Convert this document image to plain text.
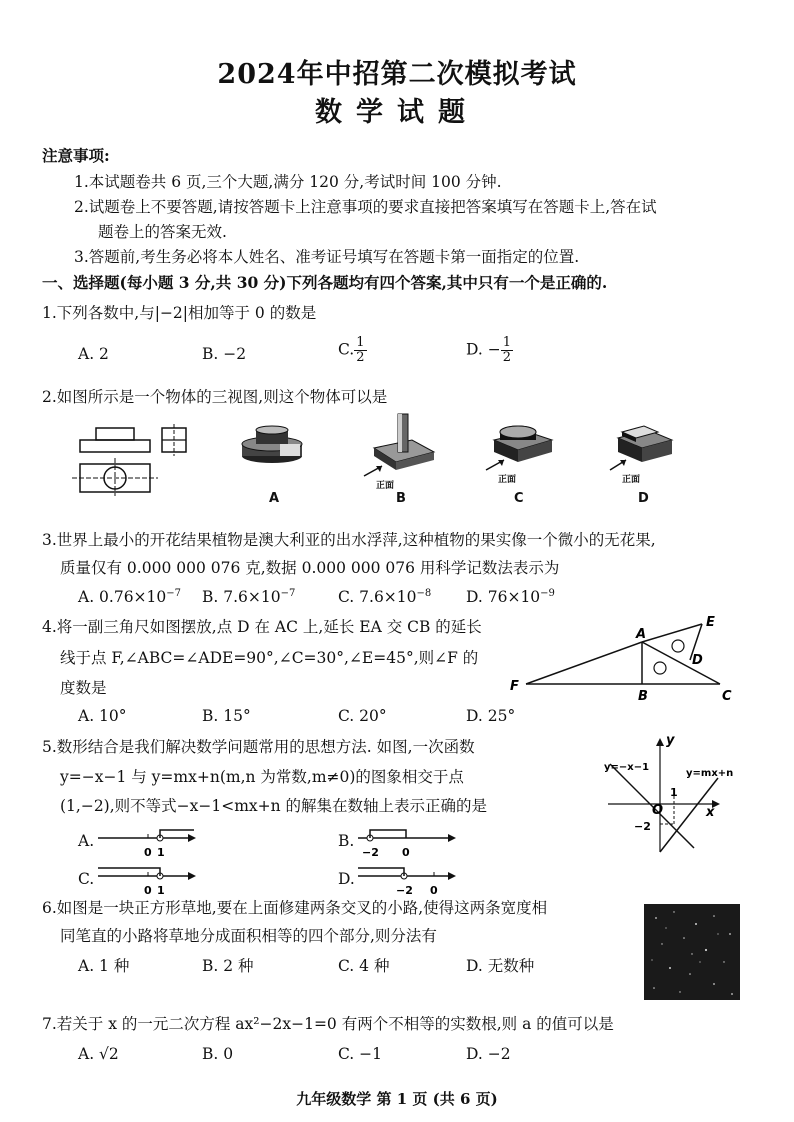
2024年中招第二次模拟考试
数学试题
注意事项:
1.本试题卷共 6 页,三个大题,满分 120 分,考试时间 100 分钟.
2.试题卷上不要答题,请按答题卡上注意事项的要求直接把答案填写在答题卡上,答在试
题卷上的答案无效.
3.答题前,考生务必将本人姓名、准考证号填写在答题卡第一面指定的位置.
一、选择题(每小题 3 分,共 30 分)下列各题均有四个答案,其中只有一个是正确的.
1.下列各数中,与|−2|相加等于 0 的数是
A. 2	B. −2	C. $\frac{1}{2}$	D. − $\frac{1}{2}$
2.如图所示是一个物体的三视图,则这个物体可以是
A
正面
B
正面
C
正面
D
3.世界上最小的开花结果植物是澳大利亚的出水浮萍,这种植物的果实像一个微小的无花果,
质量仅有 0.000 000 076 克,数据 0.000 000 076 用科学记数法表示为
A. $0.76\times 10^{-7}$ B. $7.6\times 10^{-7}$	C. $7.6\times 10^{-8}$ D. $76\times 10^{-9}$
4.将一副三角尺如图摆放,点 D 在 AC 上,延长 EA 交 CB 的延长
线于点 F,∠ABC=∠ADE=90°,∠C=30°,∠E=45°,则∠F 的
度数是
A. 10°	B. 15°	C. 20°	D. 25°
A
E
D
F
B	C
5.数形结合是我们解决数学问题常用的思想方法. 如图,一次函数
y=−x−1 与 y=mx+n(m,n 为常数,m≠0)的图象相交于点
(1,−2),则不等式−x−1<mx+n 的解集在数轴上表示正确的是
y
x
O
1
−2
y=−x−1
y=mx+n
A.
0 1
B.
−2 0
C.
0 1
D.
−2 0
6.如图是一块正方形草地,要在上面修建两条交叉的小路,使得这两条宽度相
同笔直的小路将草地分成面积相等的四个部分,则分法有
A. 1 种	B. 2 种	C. 4 种	D. 无数种
7.若关于 x 的一元二次方程 ax²−2x−1=0 有两个不相等的实数根,则 a 的值可以是
A. √2	B. 0	C. −1	D. −2
九年级数学 第 1 页 (共 6 页)
